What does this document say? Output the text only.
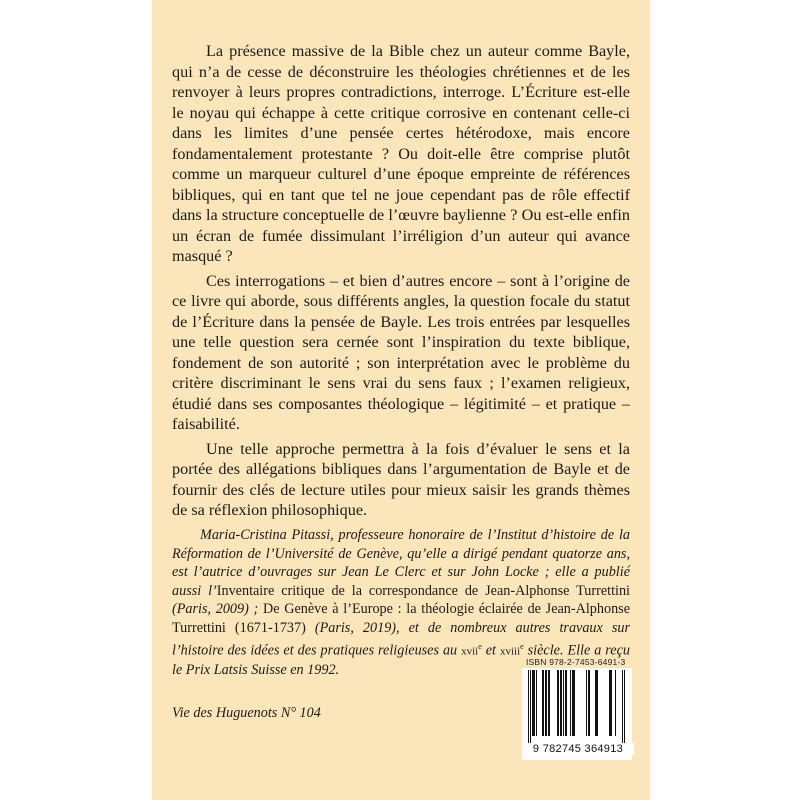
La présence massive de la Bible chez un auteur comme Bayle, qui n’a de cesse de déconstruire les théologies chrétiennes et de les renvoyer à leurs propres contradictions, interroge. L’Écriture est-elle le noyau qui échappe à cette critique corrosive en contenant celle-ci dans les limites d’une pensée certes hétérodoxe, mais encore fondamentalement protestante ? Ou doit-elle être comprise plutôt comme un marqueur culturel d’une époque empreinte de références bibliques, qui en tant que tel ne joue cependant pas de rôle effectif dans la structure conceptuelle de l’œuvre baylienne ? Ou est-elle enfin un écran de fumée dissimulant l’irréligion d’un auteur qui avance masqué ?

Ces interrogations – et bien d’autres encore – sont à l’origine de ce livre qui aborde, sous différents angles, la question focale du statut de l’Écriture dans la pensée de Bayle. Les trois entrées par lesquelles une telle question sera cernée sont l’inspiration du texte biblique, fondement de son autorité ; son interprétation avec le problème du critère discriminant le sens vrai du sens faux ; l’examen religieux, étudié dans ses composantes théologique – légitimité – et pratique – faisabilité.

Une telle approche permettra à la fois d’évaluer le sens et la portée des allégations bibliques dans l’argumentation de Bayle et de fournir des clés de lecture utiles pour mieux saisir les grands thèmes de sa réflexion philosophique.

Maria-Cristina Pitassi, professeure honoraire de l’Institut d’histoire de la Réformation de l’Université de Genève, qu’elle a dirigé pendant quatorze ans, est l’autrice d’ouvrages sur Jean Le Clerc et sur John Locke ; elle a publié aussi l’Inventaire critique de la correspondance de Jean-Alphonse Turrettini (Paris, 2009) ; De Genève à l’Europe : la théologie éclairée de Jean-Alphonse Turrettini (1671-1737) (Paris, 2019), et de nombreux autres travaux sur l’histoire des idées et des pratiques religieuses au xvii$^e$ et xviii$^e$ siècle. Elle a reçu le Prix Latsis Suisse en 1992.

Vie des Huguenots N° 104
ISBN 978-2-7453-6491-3
9 782745 364913
